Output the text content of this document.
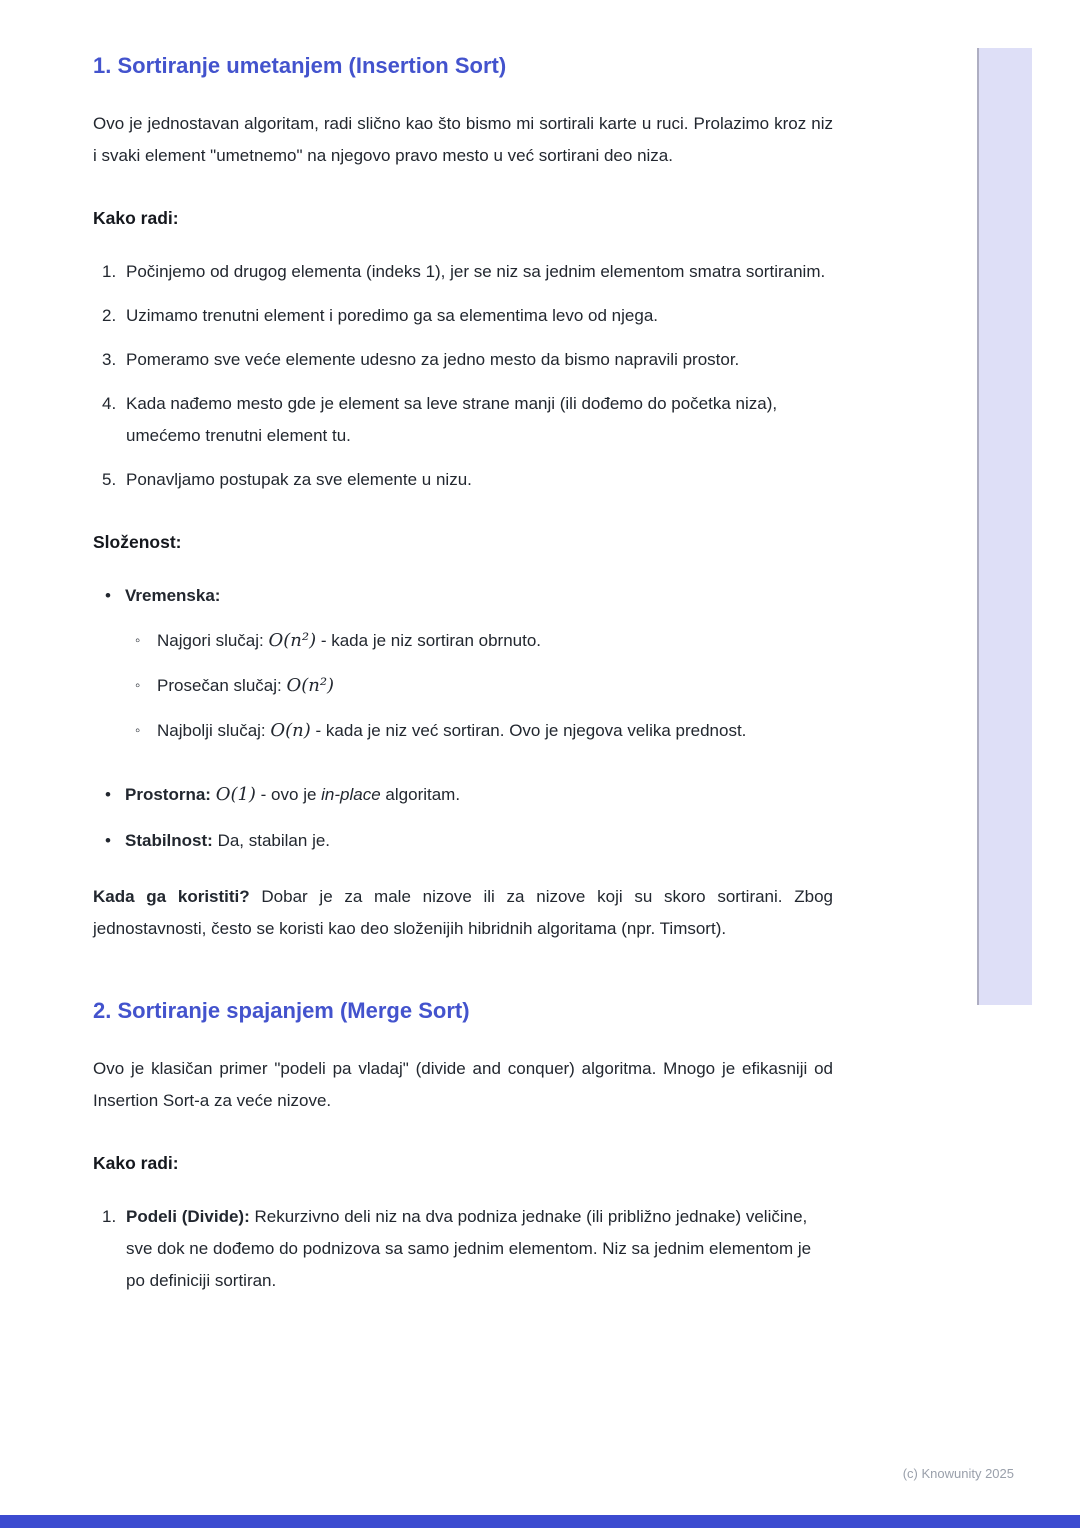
1. Sortiranje umetanjem (Insertion Sort)

Ovo je jednostavan algoritam, radi slično kao što bismo mi sortirali karte u ruci. Prolazimo kroz niz i svaki element "umetnemo" na njegovo pravo mesto u već sortirani deo niza.

Kako radi:
1. Počinjemo od drugog elementa (indeks 1), jer se niz sa jednim elementom smatra sortiranim.
2. Uzimamo trenutni element i poredimo ga sa elementima levo od njega.
3. Pomeramo sve veće elemente udesno za jedno mesto da bismo napravili prostor.
4. Kada nađemo mesto gde je element sa leve strane manji (ili dođemo do početka niza), umećemo trenutni element tu.
5. Ponavljamo postupak za sve elemente u nizu.
Složenost:
• Vremenska:
◦ Najgori slučaj: O(n²) - kada je niz sortiran obrnuto.
◦ Prosečan slučaj: O(n²)
◦ Najbolji slučaj: O(n) - kada je niz već sortiran. Ovo je njegova velika prednost.
• Prostorna: O(1) - ovo je in-place algoritam.
• Stabilnost: Da, stabilan je.

Kada ga koristiti? Dobar je za male nizove ili za nizove koji su skoro sortirani. Zbog jednostavnosti, često se koristi kao deo složenijih hibridnih algoritama (npr. Timsort).

2. Sortiranje spajanjem (Merge Sort)

Ovo je klasičan primer "podeli pa vladaj" (divide and conquer) algoritma. Mnogo je efikasniji od Insertion Sort-a za veće nizove.

Kako radi:
1. Podeli (Divide): Rekurzivno deli niz na dva podniza jednake (ili približno jednake) veličine, sve dok ne dođemo do podnizova sa samo jednim elementom. Niz sa jednim elementom je po definiciji sortiran.
(c) Knowunity 2025
